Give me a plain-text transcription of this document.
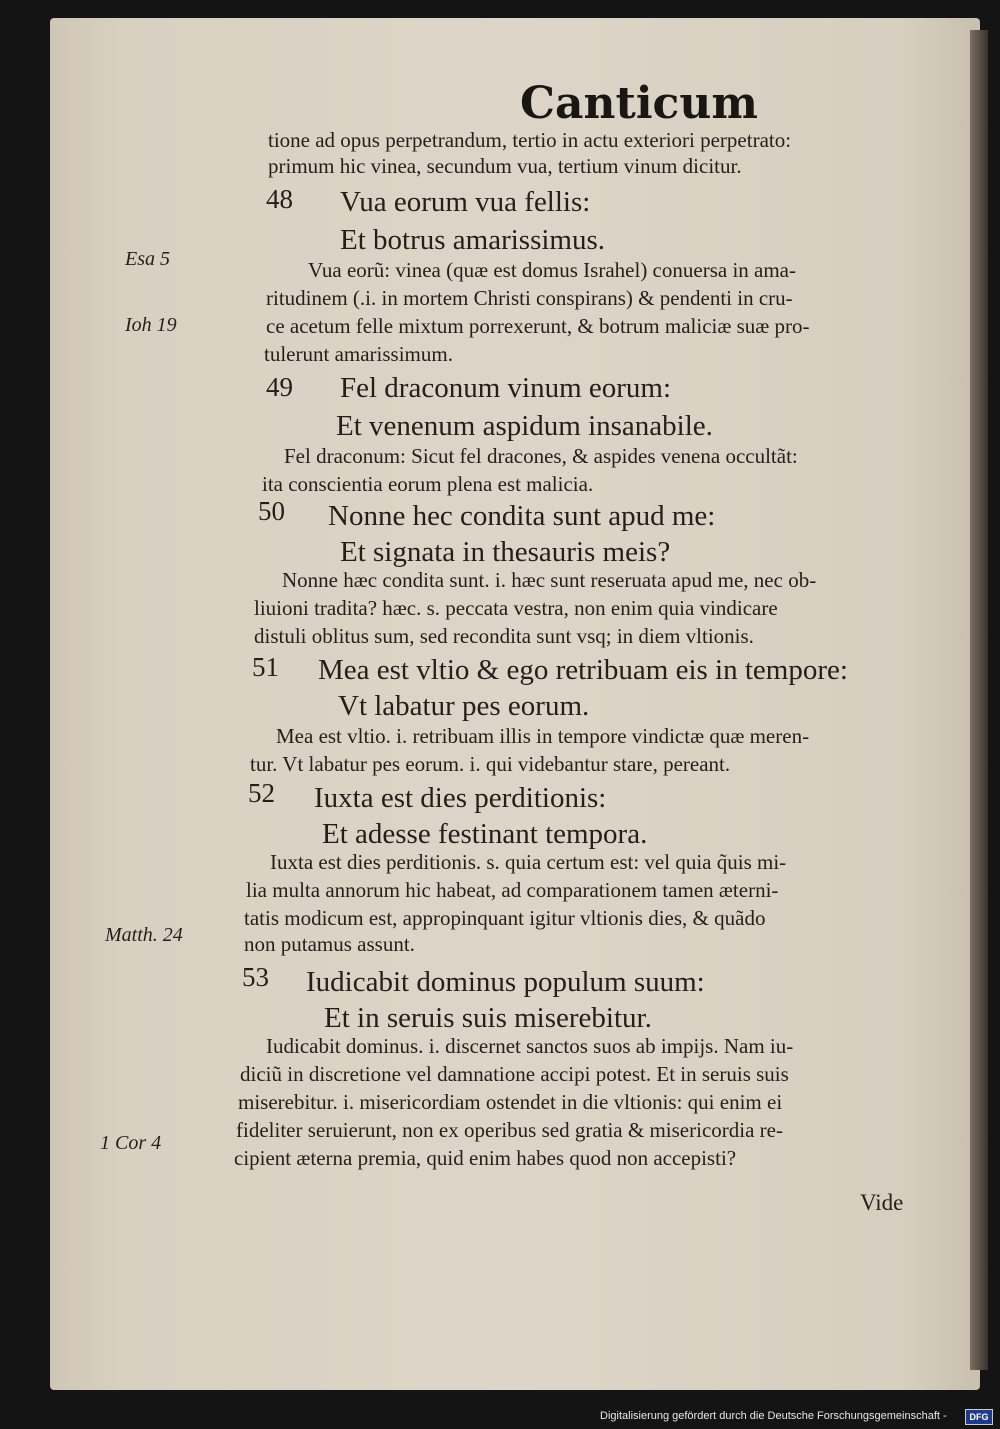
Canticum
Esa 5
Ioh 19
Matth. 24
1 Cor 4
48
49
50
51
52
53
tione ad opus perpetrandum, tertio in actu exteriori perpetrato:
primum hic vinea, secundum vua, tertium vinum dicitur.
Vua eorum vua fellis:
Et botrus amarissimus.
Vua eorũ: vinea (quæ est domus Israhel) conuersa in ama-
ritudinem (.i. in mortem Christi conspirans) & pendenti in cru-
ce acetum felle mixtum porrexerunt, & botrum maliciæ suæ pro-
tulerunt amarissimum.
Fel draconum vinum eorum:
Et venenum aspidum insanabile.
Fel draconum: Sicut fel dracones, & aspides venena occultãt:
ita conscientia eorum plena est malicia.
Nonne hec condita sunt apud me:
Et signata in thesauris meis?
Nonne hæc condita sunt. i. hæc sunt reseruata apud me, nec ob-
liuioni tradita? hæc. s. peccata vestra, non enim quia vindicare
distuli oblitus sum, sed recondita sunt vsq; in diem vltionis.
Mea est vltio & ego retribuam eis in tempore:
Vt labatur pes eorum.
Mea est vltio. i. retribuam illis in tempore vindictæ quæ meren-
tur. Vt labatur pes eorum. i. qui videbantur stare, pereant.
Iuxta est dies perditionis:
Et adesse festinant tempora.
Iuxta est dies perditionis. s. quia certum est: vel quia q̃uis mi-
lia multa annorum hic habeat, ad comparationem tamen æterni-
tatis modicum est, appropinquant igitur vltionis dies, & quãdo
non putamus assunt.
Iudicabit dominus populum suum:
Et in seruis suis miserebitur.
Iudicabit dominus. i. discernet sanctos suos ab impijs. Nam iu-
diciũ in discretione vel damnatione accipi potest. Et in seruis suis
miserebitur. i. misericordiam ostendet in die vltionis: qui enim ei
fideliter seruierunt, non ex operibus sed gratia & misericordia re-
cipient æterna premia, quid enim habes quod non accepisti?
Vide
Digitalisierung gefördert durch die Deutsche Forschungsgemeinschaft -	DFG
